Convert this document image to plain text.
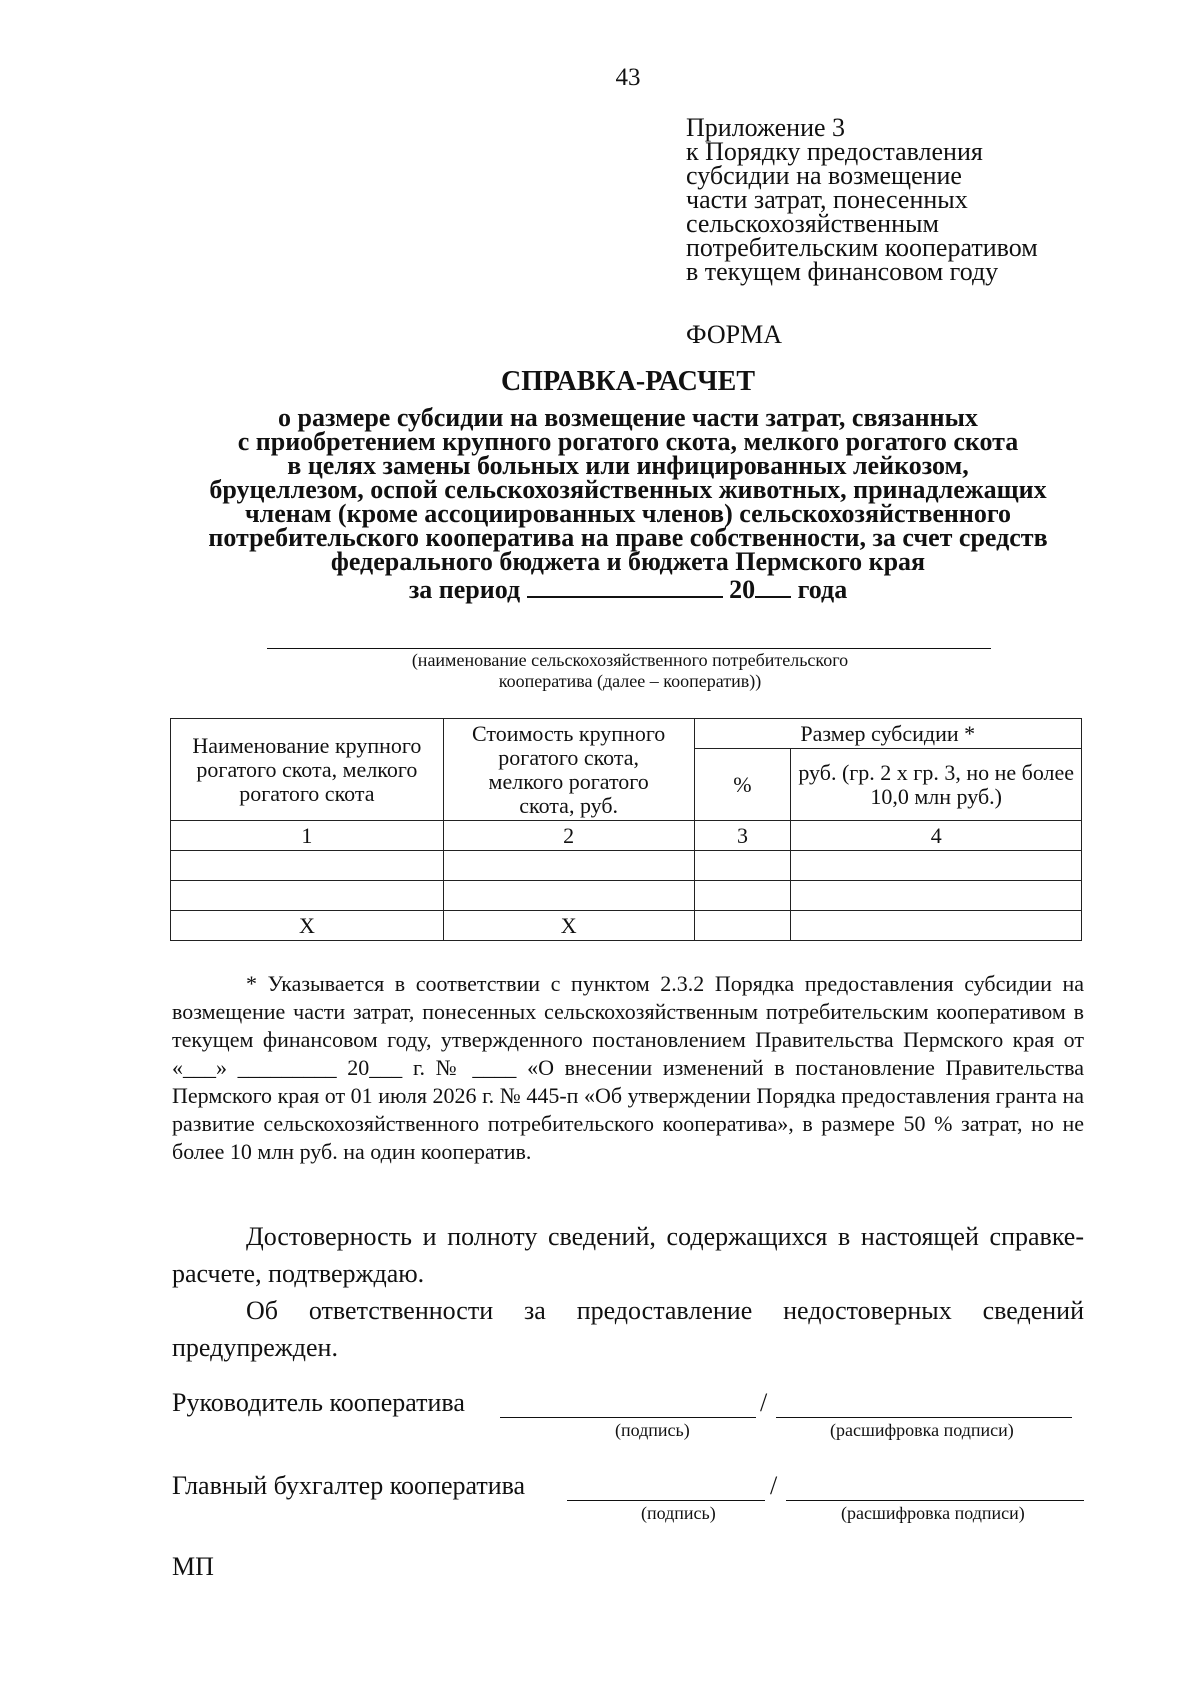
43
Приложение 3
к Порядку предоставления
субсидии на возмещение
части затрат, понесенных
сельскохозяйственным
потребительским кооперативом
в текущем финансовом году
ФОРМА
СПРАВКА-РАСЧЕТ
о размере субсидии на возмещение части затрат, связанных
с приобретением крупного рогатого скота, мелкого рогатого скота
в целях замены больных или инфицированных лейкозом,
бруцеллезом, оспой сельскохозяйственных животных, принадлежащих
членам (кроме ассоциированных членов) сельскохозяйственного
потребительского кооператива на праве собственности, за счет средств
федерального бюджета и бюджета Пермского края
за период	20 года
(наименование сельскохозяйственного потребительского
кооператива (далее – кооператив))
Наименование крупного рогатого скота, мелкого рогатого скота	Стоимость крупного рогатого скота, мелкого рогатого скота, руб.	Размер субсидии *	
		%	руб. (гр. 2 х гр. 3, но не более 10,0 млн руб.)
1	2	3	4

Х	Х		

* Указывается в соответствии с пунктом 2.3.2 Порядка предоставления субсидии на возмещение части затрат, понесенных сельскохозяйственным потребительским кооперативом в текущем финансовом году, утвержденного постановлением Правительства Пермского края от «___» _________ 20___ г. № ____ «О внесении изменений в постановление Правительства Пермского края от 01 июля 2026 г. № 445-п «Об утверждении Порядка предоставления гранта на развитие сельскохозяйственного потребительского кооператива», в размере 50 % затрат, но не более 10 млн руб. на один кооператив.

Достоверность и полноту сведений, содержащихся в настоящей справке-расчете, подтверждаю.

Об ответственности за предоставление недостоверных сведений предупрежден.

Руководитель кооператива	/
(подпись)	(расшифровка подписи)
Главный бухгалтер кооператива	/
(подпись)	(расшифровка подписи)
МП
